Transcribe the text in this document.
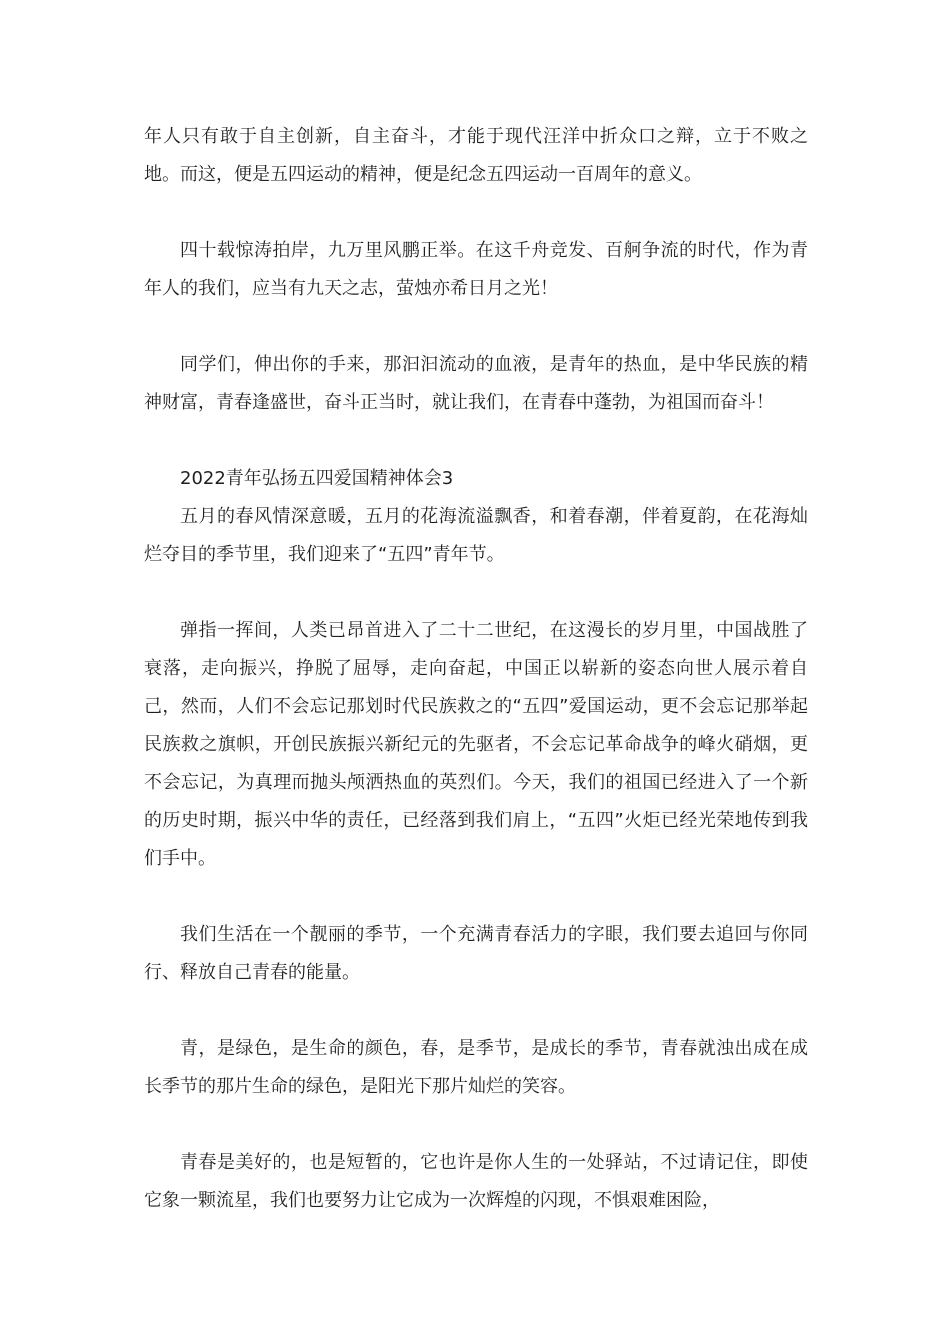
年人只有敢于自主创新，自主奋斗，才能于现代汪洋中折众口之辩，立于不败之地。而这，便是五四运动的精神，便是纪念五四运动一百周年的意义。

四十载惊涛拍岸，九万里风鹏正举。在这千舟竞发、百舸争流的时代，作为青年人的我们，应当有九天之志，萤烛亦希日月之光！

同学们，伸出你的手来，那汩汩流动的血液，是青年的热血，是中华民族的精神财富，青春逢盛世，奋斗正当时，就让我们，在青春中蓬勃，为祖国而奋斗！

2022青年弘扬五四爱国精神体会3

五月的春风情深意暖，五月的花海流溢飘香，和着春潮，伴着夏韵，在花海灿烂夺目的季节里，我们迎来了“五四”青年节。

弹指一挥间，人类已昂首进入了二十二世纪，在这漫长的岁月里，中国战胜了衰落，走向振兴，挣脱了屈辱，走向奋起，中国正以崭新的姿态向世人展示着自己，然而，人们不会忘记那划时代民族救之的“五四”爱国运动，更不会忘记那举起民族救之旗帜，开创民族振兴新纪元的先驱者，不会忘记革命战争的峰火硝烟，更不会忘记，为真理而抛头颅洒热血的英烈们。今天，我们的祖国已经进入了一个新的历史时期，振兴中华的责任，已经落到我们肩上，“五四”火炬已经光荣地传到我们手中。

我们生活在一个靓丽的季节，一个充满青春活力的字眼，我们要去追回与你同行、释放自己青春的能量。

青，是绿色，是生命的颜色，春，是季节，是成长的季节，青春就浊出成在成长季节的那片生命的绿色，是阳光下那片灿烂的笑容。

青春是美好的，也是短暂的，它也许是你人生的一处驿站，不过请记住，即使它象一颗流星，我们也要努力让它成为一次辉煌的闪现，不惧艰难困险，
